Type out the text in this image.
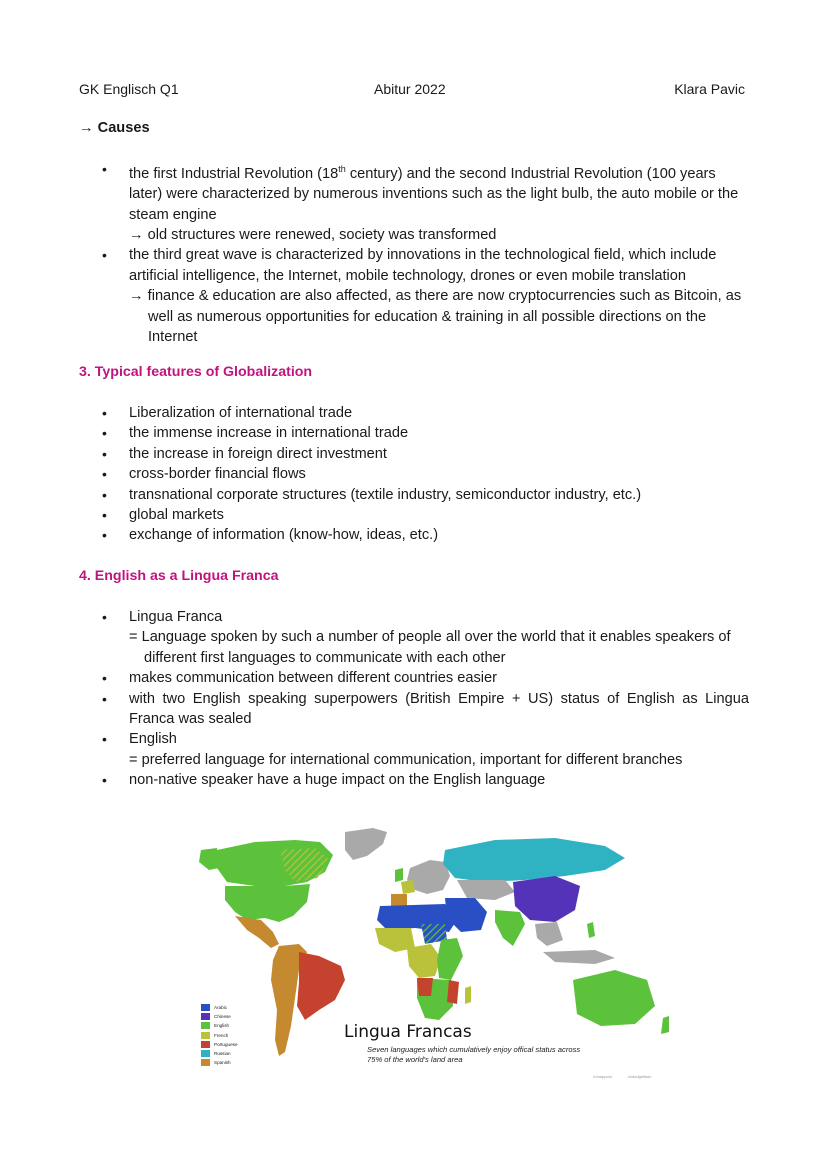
GK Englisch Q1	Abitur 2022	Klara Pavic
→ Causes
• the first Industrial Revolution (18th century) and the second Industrial Revolution (100 years later) were characterized by numerous inventions such as the light bulb, the auto mobile or the steam engine
→ old structures were renewed, society was transformed
• the third great wave is characterized by innovations in the technological field, which include artificial intelligence, the Internet, mobile technology, drones or even mobile translation
→ finance & education are also affected, as there are now cryptocurrencies such as Bitcoin, as well as numerous opportunities for education & training in all possible directions on the Internet
3. Typical features of Globalization
• Liberalization of international trade
• the immense increase in international trade
• the increase in foreign direct investment
• cross-border financial flows
• transnational corporate structures (textile industry, semiconductor industry, etc.)
• global markets
• exchange of information (know-how, ideas, etc.)
4. English as a Lingua Franca
• Lingua Franca
= Language spoken by such a number of people all over the world that it enables speakers of different first languages to communicate with each other
• makes communication between different countries easier
• with two English speaking superpowers (British Empire + US) status of English as Lingua Franca was sealed
• English
= preferred language for international communication, important for different branches
• non-native speaker have a huge impact on the English language
Arabic
Chinese
English
French
Portuguese
Russian
Spanish
Lingua Francas
Seven languages which cumulatively enjoy offical status across 75% of the world's land area
/r/mapporn	/u/dodgeflash
